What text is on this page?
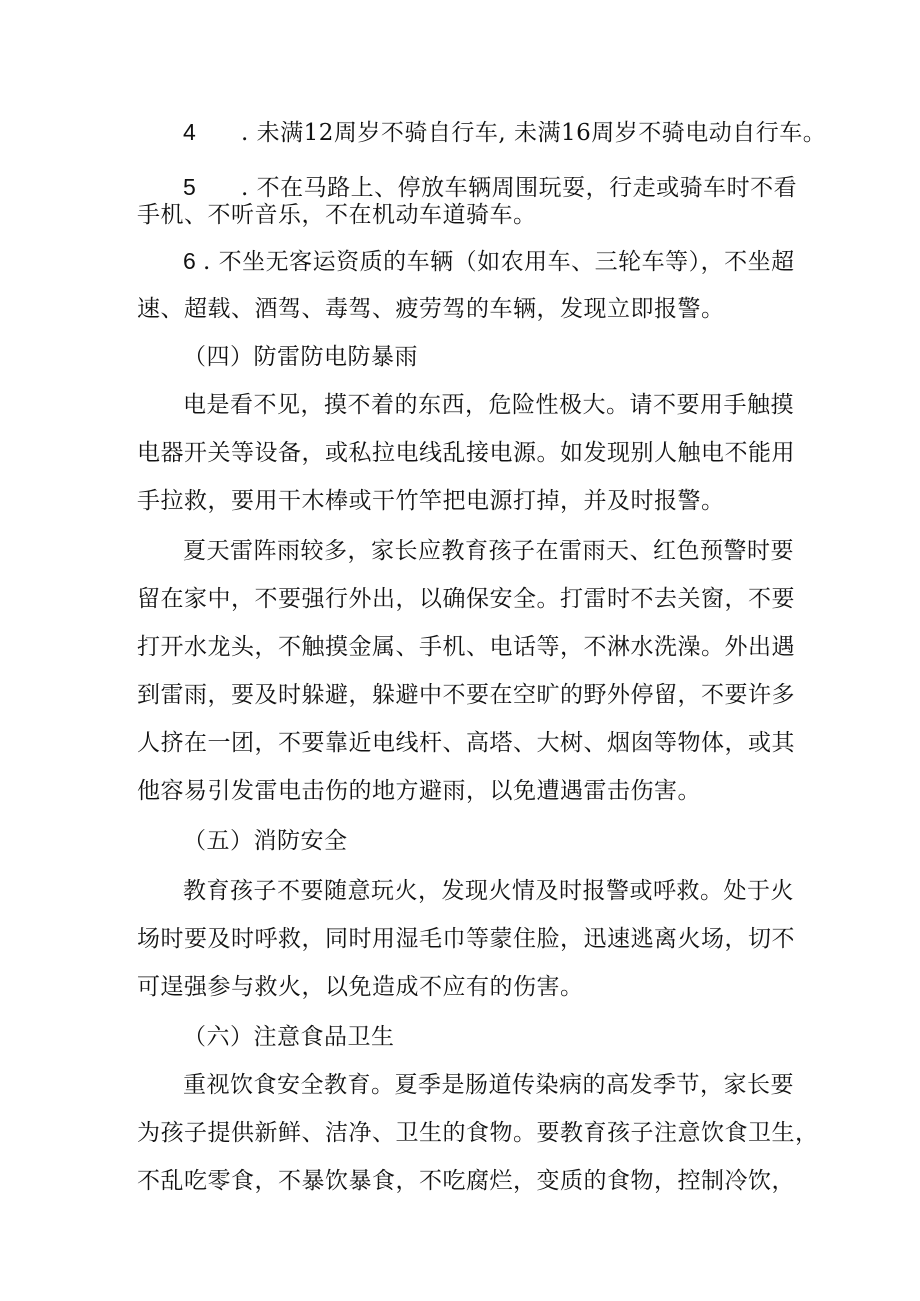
4 . 未满12周岁不骑自行车, 未满16周岁不骑电动自行车。
5 . 不在马路上、停放车辆周围玩耍，行走或骑车时不看
手机、不听音乐，不在机动车道骑车。
6 . 不坐无客运资质的车辆（如农用车、三轮车等），不坐超
速、超载、酒驾、毒驾、疲劳驾的车辆，发现立即报警。
（四）防雷防电防暴雨
电是看不见，摸不着的东西，危险性极大。请不要用手触摸
电器开关等设备，或私拉电线乱接电源。如发现别人触电不能用
手拉救，要用干木棒或干竹竿把电源打掉，并及时报警。
夏天雷阵雨较多，家长应教育孩子在雷雨天、红色预警时要
留在家中，不要强行外出，以确保安全。打雷时不去关窗，不要
打开水龙头，不触摸金属、手机、电话等，不淋水洗澡。外出遇
到雷雨，要及时躲避，躲避中不要在空旷的野外停留，不要许多
人挤在一团，不要靠近电线杆、高塔、大树、烟囱等物体，或其
他容易引发雷电击伤的地方避雨，以免遭遇雷击伤害。
（五）消防安全
教育孩子不要随意玩火，发现火情及时报警或呼救。处于火
场时要及时呼救，同时用湿毛巾等蒙住脸，迅速逃离火场，切不
可逞强参与救火，以免造成不应有的伤害。
（六）注意食品卫生
重视饮食安全教育。夏季是肠道传染病的高发季节，家长要
为孩子提供新鲜、洁净、卫生的食物。要教育孩子注意饮食卫生，
不乱吃零食，不暴饮暴食，不吃腐烂，变质的食物，控制冷饮，
